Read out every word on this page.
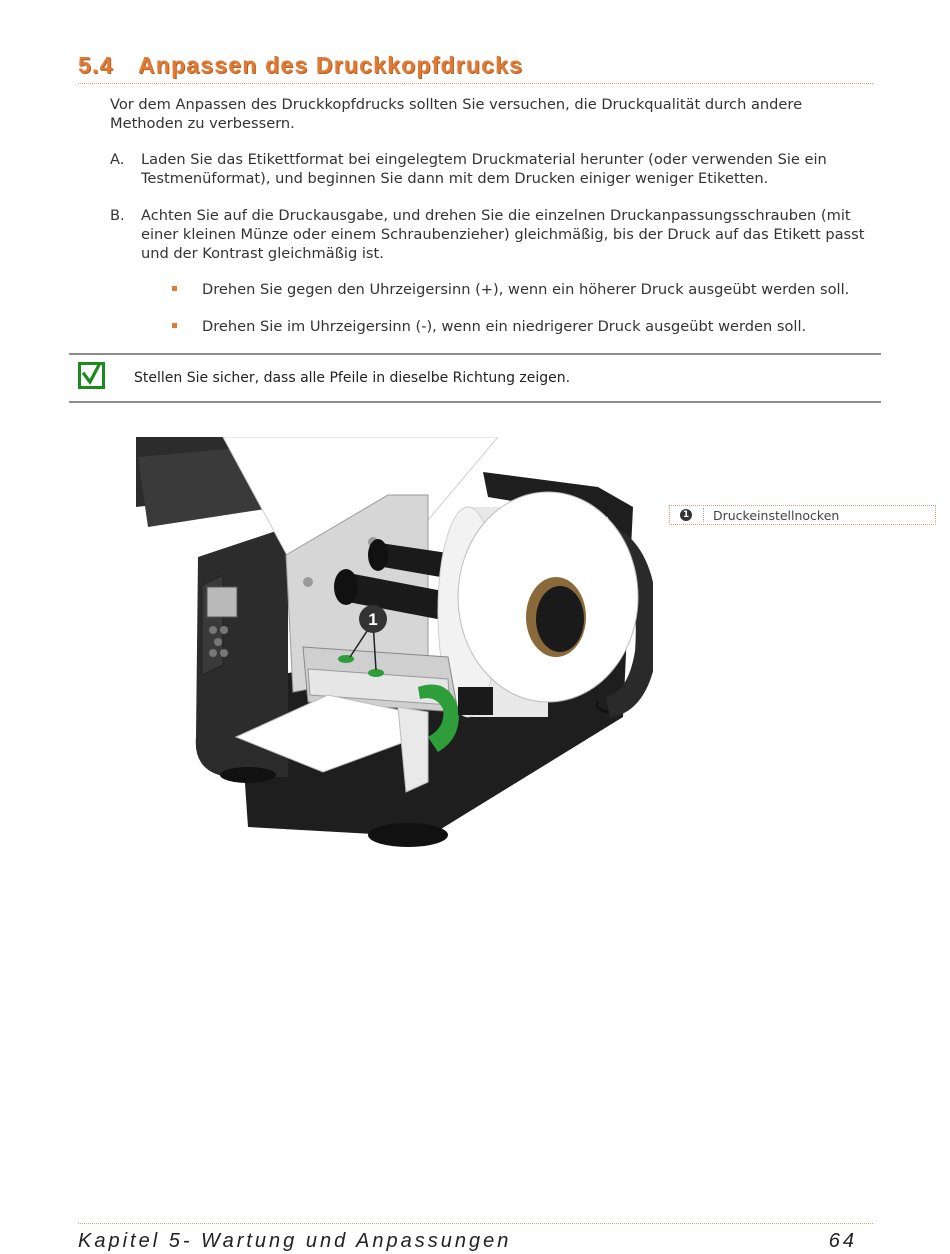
5.4 Anpassen des Druckkopfdrucks
Vor dem Anpassen des Druckkopfdrucks sollten Sie versuchen, die Druckqualität durch andere Methoden zu verbessern.
A.	Laden Sie das Etikettformat bei eingelegtem Druckmaterial herunter (oder verwenden Sie ein Testmenüformat), und beginnen Sie dann mit dem Drucken einiger weniger Etiketten.
B.	Achten Sie auf die Druckausgabe, und drehen Sie die einzelnen Druckanpassungsschrauben (mit einer kleinen Münze oder einem Schraubenzieher) gleichmäßig, bis der Druck auf das Etikett passt und der Kontrast gleichmäßig ist.
Drehen Sie gegen den Uhrzeigersinn (+), wenn ein höherer Druck ausgeübt werden soll.
Drehen Sie im Uhrzeigersinn (-), wenn ein niedrigerer Druck ausgeübt werden soll.
Stellen Sie sicher, dass alle Pfeile in dieselbe Richtung zeigen.
1
1 Druckeinstellnocken
Kapitel 5- Wartung und Anpassungen	64
